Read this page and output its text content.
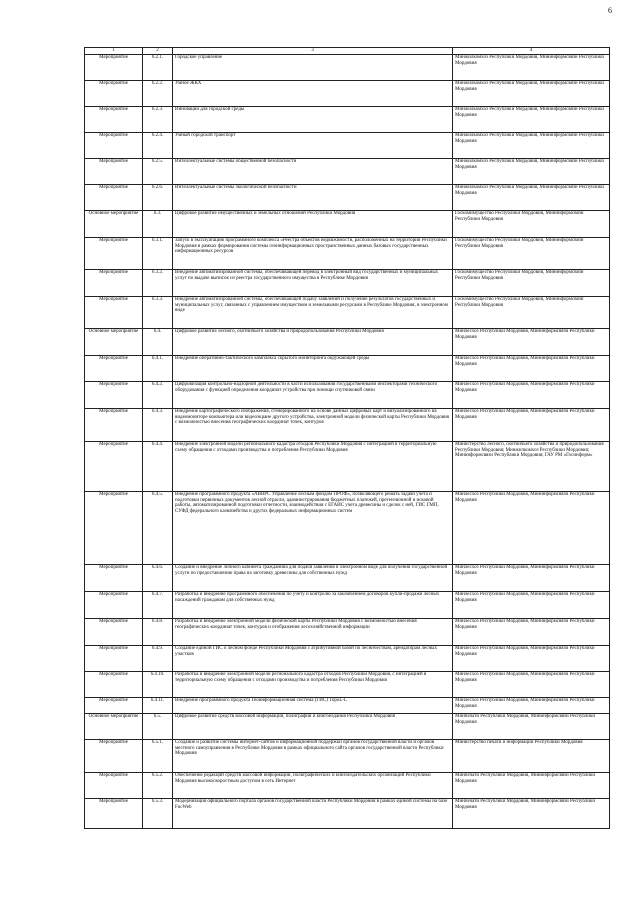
6
1	2	3	4
Мероприятие	6.2.1.	Городское управление	Минжилкомхоз Республики Мордовия, Мининформсвязи Республики Мордовия
Мероприятие	6.2.2.	Умное ЖКХ	Минжилкомхоз Республики Мордовия, Мининформсвязи Республики Мордовия
Мероприятие	6.2.3.	Инновации для городской среды	Минжилкомхоз Республики Мордовия, Мининформсвязи Республики Мордовия
Мероприятие	6.2.4.	Умный городской транспорт	Минжилкомхоз Республики Мордовия, Мининформсвязи Республики Мордовия
Мероприятие	6.2.5.	Интеллектуальные системы общественной безопасности	Минжилкомхоз Республики Мордовия, Мининформсвязи Республики Мордовия
Мероприятие	6.2.6.	Интеллектуальные системы экологической безопасности	Минжилкомхоз Республики Мордовия, Мининформсвязи Республики Мордовия
Основное мероприятие	6.3.	Цифровое развитие имущественных и земельных отношений Республики Мордовия	Госкомимущество Республики Мордовия, Мининформсвязи Республики Мордовия
Мероприятие	6.3.1.	Запуск в эксплуатацию программного комплекса «Реестра объектов недвижимости, расположенных на территории Республики Мордовия в рамках формирования системы геоинформационных пространственных данных базовых государственных информационных ресурсов	Госкомимущество Республики Мордовия, Мининформсвязи Республики Мордовия
Мероприятие	6.3.2.	Внедрение автоматизированной системы, обеспечивающей перевод в электронный вид государственных и муниципальных услуг по выдаче выписок из реестра государственного имущества в Республике Мордовия	Госкомимущество Республики Мордовия, Мининформсвязи Республики Мордовия
Мероприятие	6.3.3.	Внедрение автоматизированной системы, обеспечивающей подачу заявлений и получение результатов государственных и муниципальных услуг, связанных с управлением имуществом и земельными ресурсами в Республике Мордовия, в электронном виде	Госкомимущество Республики Мордовия, Мининформсвязи Республики Мордовия
Основное мероприятие	6.4.	Цифровое развитие лесного, охотничьего хозяйства и природопользования Республики Мордовия	Минлесхоз Республики Мордовия, Мининформсвязи Республики Мордовия
Мероприятие	6.4.1.	Внедрение оперативно-тактического комплекса скрытого мониторинга окружающей среды	Минлесхоз Республики Мордовия, Мининформсвязи Республики Мордовия
Мероприятие	6.4.2.	Цифровизация контрольно-надзорной деятельности в части использования государственными инспекторами технического оборудования с функцией определения координат устройства при помощи спутниковой связи	Минлесхоз Республики Мордовия, Мининформсвязи Республики Мордовия
Мероприятие	6.4.3.	Внедрение картографического изображения, сгенерированного на основе данных цифровых карт и визуализированного на видеомониторе компьютера или видеоэкране другого устройства, электронной модели физической карты Республики Мордовия с возможностью внесения географических координат точек, контуров	Минлесхоз Республики Мордовия, Мининформсвязи Республики Мордовия
Мероприятие	6.4.4.	Внедрение электронной модели регионального кадастра отходов Республики Мордовия с интеграцией в территориальную схему обращения с отходами производства и потребления Республики Мордовия	Министерство лесного, охотничьего хозяйства и природопользования Республики Мордовия; Минжилкомхоз Республики Мордовия; Мининформсвязи Республики Мордовия; ГАУ РМ «Госинформ»
Мероприятие	6.4.5.	Внедрение программного продукта «АВВРС Управление лесным фондом ПРОФ», позволяющего решать задачи учета и подготовки первичных документов лесной отрасли, администрирования бюджетных платежей, претензионной и исковой работы, автоматизированной подготовки отчетности, взаимодействия с ЕГАИС учета древесины и сделок с ней, ГИС ГМП, СУФД федерального казначейства и других федеральных информационных систем	Минлесхоз Республики Мордовия, Мининформсвязи Республики Мордовия
Мероприятие	6.4.6.	Создание и внедрение личного кабинета гражданина для подачи заявления в электронном виде для получения государственной услуги по предоставлению права на заготовку древесины для собственных нужд	Минлесхоз Республики Мордовия, Мининформсвязи Республики Мордовия
Мероприятие	6.4.7.	Разработка и внедрение программного обеспечения по учету и контролю за заключением договоров купли-продажи лесных насаждений гражданам для собственных нужд	Минлесхоз Республики Мордовия, Мининформсвязи Республики Мордовия
Мероприятие	6.4.8.	Разработка и внедрение электронной модели физической карты Республики Мордовия с возможностью внесения географических координат точек, контуров и отображения лесохозяйственной информации	Минлесхоз Республики Мордовия, Мининформсвязи Республики Мордовия
Мероприятие	6.4.9.	Создание единой ГИС о лесном фонде Республики Мордовия с атрибутивной базой по лесничествам, арендаторам лесных участков	Минлесхоз Республики Мордовия, Мининформсвязи Республики Мордовия
Мероприятие	6.4.10.	Разработка и внедрение электронной модели регионального кадастра отходов Республики Мордовия, с интеграцией в территориальную схему обращения с отходами производства и потребления Республики Мордовия	Минлесхоз Республики Мордовия, Мининформсвязи Республики Мордовия
Мероприятие	6.4.11.	Внедрение программного продукта Геоинформационная система (ГИС) TopoL-L	Минлесхоз Республики Мордовия, Мининформсвязи Республики Мордовия
Основное мероприятие	6.5.	Цифровое развитие средств массовой информации, полиграфии и книгоиздания Республики Мордовия	Минпечати Республики Мордовия, Мининформсвязи Республики Мордовия
Мероприятие	6.5.1.	Создание и развитие системы интернет-сайтов и информационной поддержки органов государственной власти и органов местного самоуправления в Республике Мордовия в рамках официального сайта органов государственной власти Республики Мордовия	Министерство печати и информации Республики Мордовия
Мероприятие	6.5.2.	Обеспечение редакций средств массовой информации, полиграфических и книгоиздательских организаций Республики Мордовия высокоскоростным доступом в сеть Интернет	Минпечати Республики Мордовия, Мининформсвязи Республики Мордовия
Мероприятие	6.5.3.	Модернизация официального портала органов государственной власти Республики Мордовия в рамках единой системы на базе FocWeb	Минпечати Республики Мордовия, Мининформсвязи Республики Мордовия
